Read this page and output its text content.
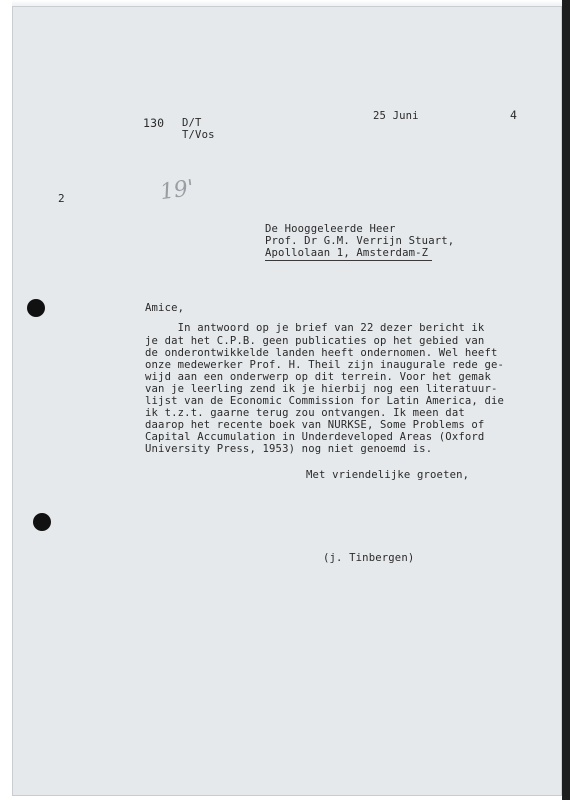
130 D/T
T/Vos
25 Juni	4
2	19'
De Hooggeleerde Heer
Prof. Dr G.M. Verrijn Stuart,
Apollolaan 1, Amsterdam-Z
Amice,
In antwoord op je brief van 22 dezer bericht ik
je dat het C.P.B. geen publicaties op het gebied van
de onderontwikkelde landen heeft ondernomen. Wel heeft
onze medewerker Prof. H. Theil zijn inaugurale rede ge-
wijd aan een onderwerp op dit terrein. Voor het gemak
van je leerling zend ik je hierbij nog een literatuur-
lijst van de Economic Commission for Latin America, die
ik t.z.t. gaarne terug zou ontvangen. Ik meen dat
daarop het recente boek van NURKSE, Some Problems of
Capital Accumulation in Underdeveloped Areas (Oxford
University Press, 1953) nog niet genoemd is.
Met vriendelijke groeten,
(j. Tinbergen)
